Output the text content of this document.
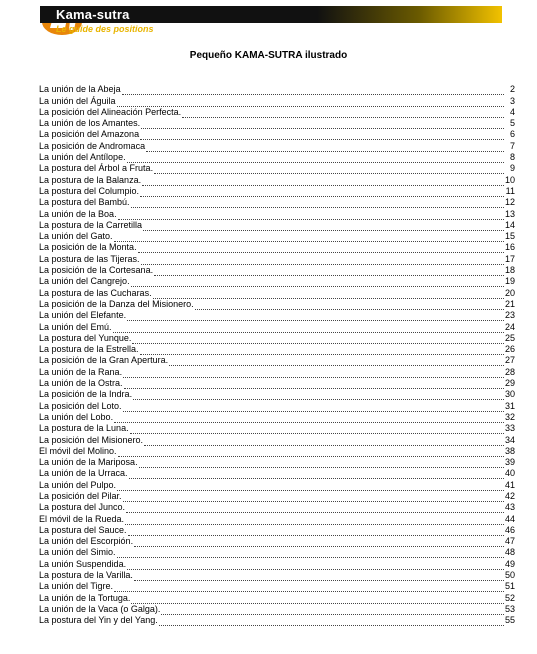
Kama-sutra
Le guide des positions
Pequeño KAMA-SUTRA ilustrado
La unión de la Abeja	2
La unión del Águila	3
La posición del Alineación Perfecta.	4
La unión de los Amantes.	5
La posición del Amazona	6
La posición de Andromaca	7
La unión del Antílope.	8
La postura del Árbol a Fruta.	9
La postura de la Balanza.	10
La postura del Columpio.	11
La postura del Bambú.	12
La unión de la Boa.	13
La postura de la Carretilla	14
La unión del Gato.	15
La posición de la Monta.	16
La postura de las Tijeras.	17
La posición de la Cortesana.	18
La unión del Cangrejo.	19
La postura de las Cucharas.	20
La posición de la Danza del Misionero.	21
La unión del Elefante.	23
La unión del Emú.	24
La postura del Yunque.	25
La postura de la Estrella.	26
La posición de la Gran Apertura.	27
La unión de la Rana.	28
La unión de la Ostra.	29
La posición de la Indra.	30
La posición del Loto.	31
La unión del Lobo.	32
La postura de la Luna.	33
La posición del Misionero.	34
El móvil del Molino.	38
La unión de la Mariposa.	39
La unión de la Urraca.	40
La unión del Pulpo.	41
La posición del Pilar.	42
La postura del Junco.	43
El móvil de la Rueda.	44
La postura del Sauce.	46
La unión del Escorpión.	47
La unión del Simio.	48
La unión Suspendida.	49
La postura de la Varilla.	50
La unión del Tigre.	51
La unión de la Tortuga.	52
La unión de la Vaca (o Galga).	53
La postura del Yin y del Yang.	55
